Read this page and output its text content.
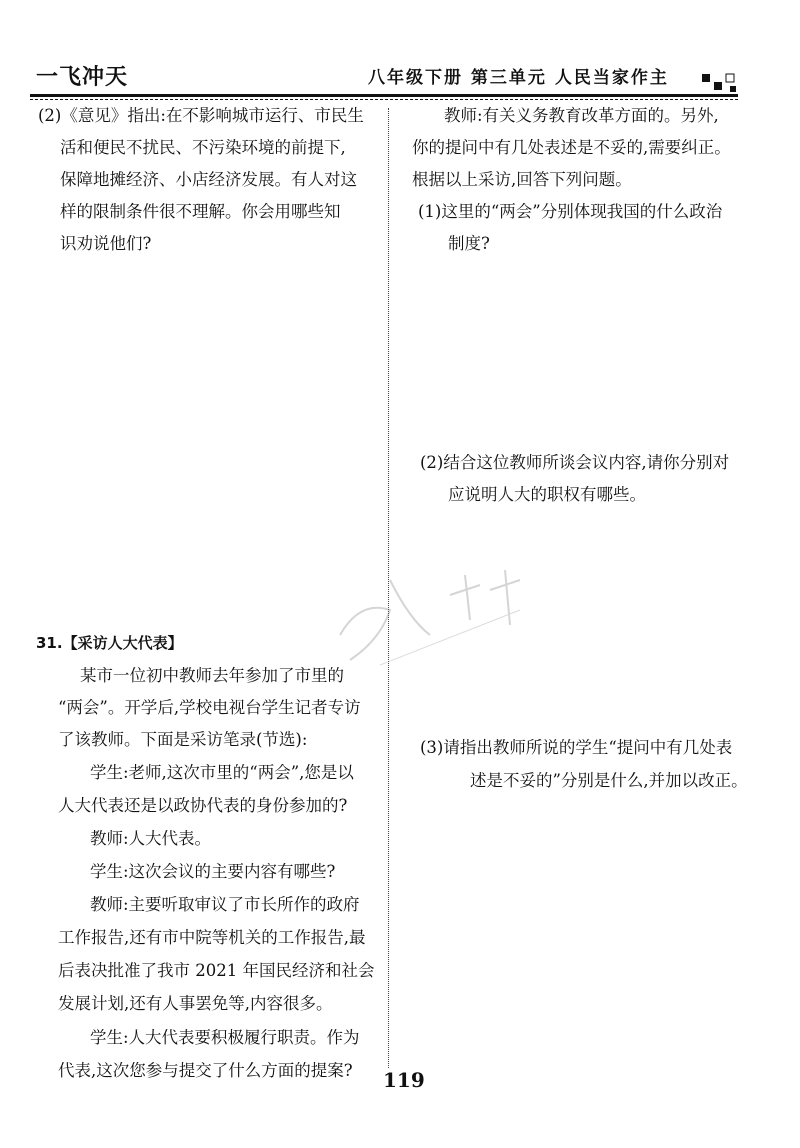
一飞冲天	八年级下册 第三单元 人民当家作主
(2)《意见》指出:在不影响城市运行、市民生
活和便民不扰民、不污染环境的前提下,
保障地摊经济、小店经济发展。有人对这
样的限制条件很不理解。你会用哪些知
识劝说他们?
31.【采访人大代表】
某市一位初中教师去年参加了市里的
“两会”。开学后,学校电视台学生记者专访
了该教师。下面是采访笔录(节选):
学生:老师,这次市里的“两会”,您是以
人大代表还是以政协代表的身份参加的?
教师:人大代表。
学生:这次会议的主要内容有哪些?
教师:主要听取审议了市长所作的政府
工作报告,还有市中院等机关的工作报告,最
后表决批准了我市 2021 年国民经济和社会
发展计划,还有人事罢免等,内容很多。
学生:人大代表要积极履行职责。作为
代表,这次您参与提交了什么方面的提案?
教师:有关义务教育改革方面的。另外,
你的提问中有几处表述是不妥的,需要纠正。
根据以上采访,回答下列问题。
(1)这里的“两会”分别体现我国的什么政治
制度?
(2)结合这位教师所谈会议内容,请你分别对
应说明人大的职权有哪些。
(3)请指出教师所说的学生“提问中有几处表
述是不妥的”分别是什么,并加以改正。
119
